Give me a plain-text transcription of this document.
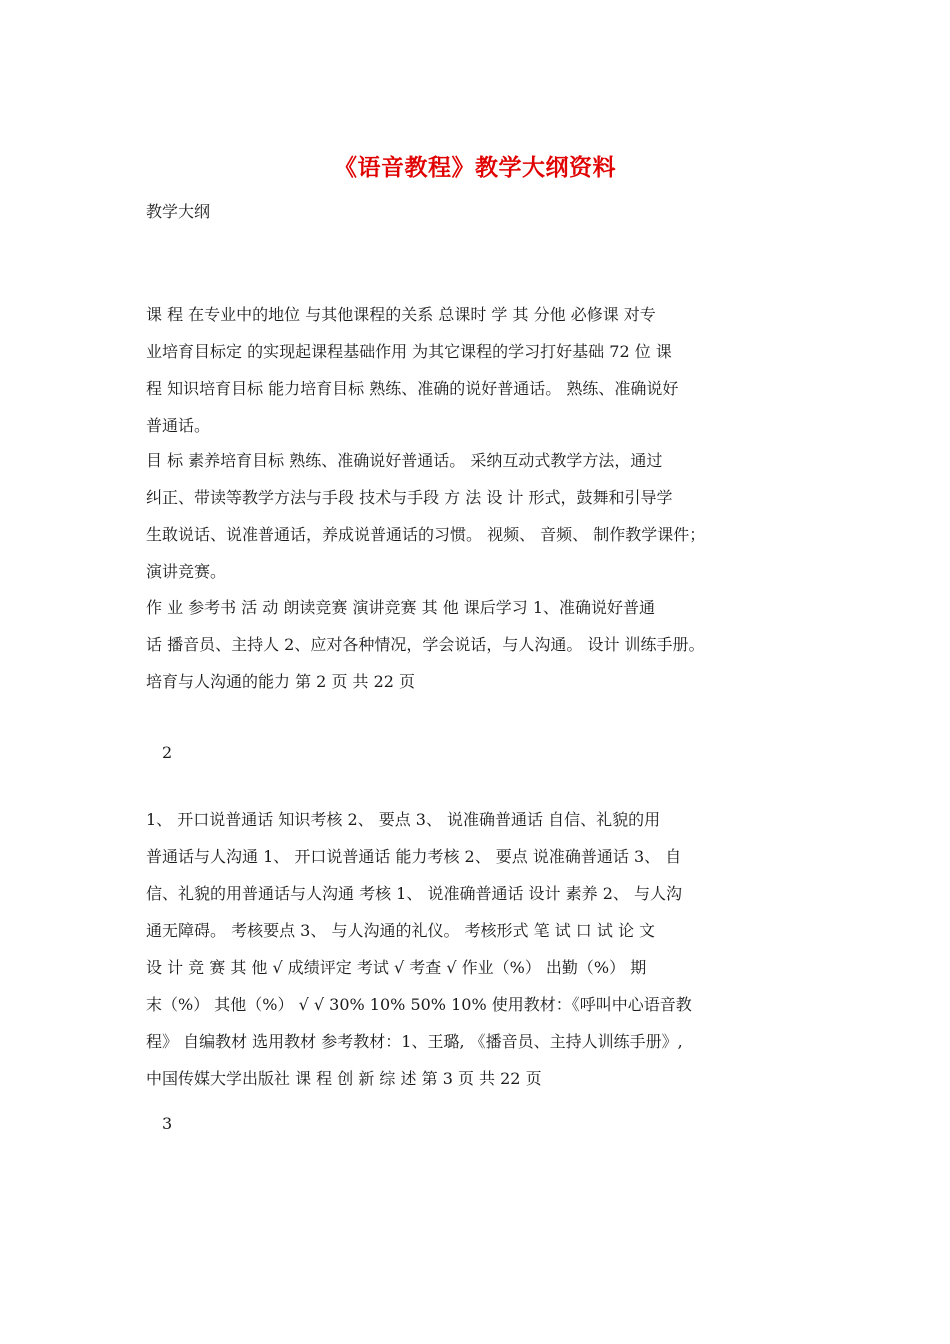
《语音教程》教学大纲资料
教学大纲
课 程 在专业中的地位 与其他课程的关系 总课时 学 其 分他 必修课 对专
业培育目标定 的实现起课程基础作用 为其它课程的学习打好基础 72 位 课
程 知识培育目标 能力培育目标 熟练、准确的说好普通话。 熟练、准确说好
普通话。
目 标 素养培育目标 熟练、准确说好普通话。 采纳互动式教学方法，通过
纠正、带读等教学方法与手段 技术与手段 方 法 设 计 形式，鼓舞和引导学
生敢说话、说准普通话，养成说普通话的习惯。 视频、 音频、 制作教学课件；
演讲竞赛。
作 业 参考书 活 动 朗读竞赛 演讲竞赛 其 他 课后学习 1、准确说好普通
话 播音员、主持人 2、应对各种情况，学会说话，与人沟通。 设计 训练手册。
培育与人沟通的能力 第 2 页 共 22 页
2
1、 开口说普通话 知识考核 2、 要点 3、 说准确普通话 自信、礼貌的用
普通话与人沟通 1、 开口说普通话 能力考核 2、 要点 说准确普通话 3、 自
信、礼貌的用普通话与人沟通 考核 1、 说准确普通话 设计 素养 2、 与人沟
通无障碍。 考核要点 3、 与人沟通的礼仪。 考核形式 笔 试 口 试 论 文
设 计 竞 赛 其 他 √ 成绩评定 考试 √ 考查 √ 作业（%） 出勤（%） 期
末（%） 其他（%） √ √ 30% 10% 50% 10% 使用教材：《呼叫中心语音教
程》 自编教材 选用教材 参考教材：1、王璐, 《播音员、主持人训练手册》,
中国传媒大学出版社 课 程 创 新 综 述 第 3 页 共 22 页
3
